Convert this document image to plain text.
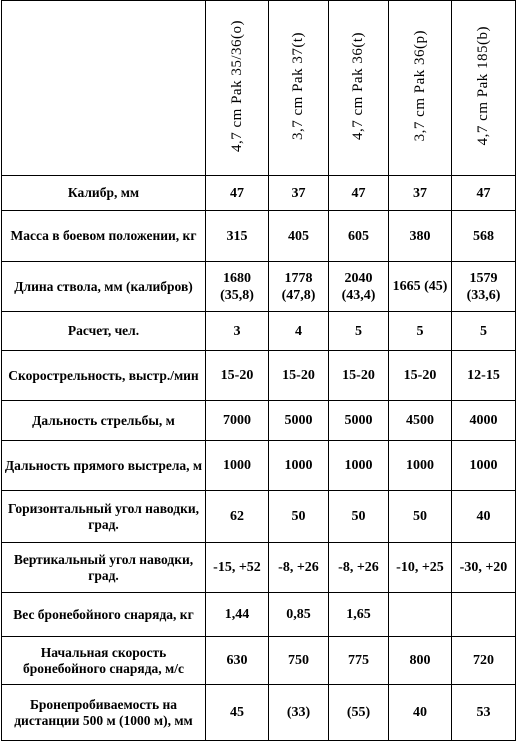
	4,7 cm Pak 35/36(o)	3,7 cm Pak 37(t)	4,7 cm Pak 36(t)	3,7 cm Pak 36(p)	4,7 cm Pak 185(b)
Калибр, мм	47	37	47	37	47
Масса в боевом положении, кг	315	405	605	380	568
Длина ствола, мм (калибров)	1680 (35,8)	1778 (47,8)	2040 (43,4)	1665 (45)	1579 (33,6)
Расчет, чел.	3	4	5	5	5
Скорострельность, выстр./мин	15-20	15-20	15-20	15-20	12-15
Дальность стрельбы, м	7000	5000	5000	4500	4000
Дальность прямого выстрела, м	1000	1000	1000	1000	1000
Горизонтальный угол наводки, град.	62	50	50	50	40
Вертикальный угол наводки, град.	-15, +52	-8, +26	-8, +26	-10, +25	-30, +20
Вес бронебойного снаряда, кг	1,44	0,85	1,65		
Начальная скорость бронебойного снаряда, м/с	630	750	775	800	720
Бронепробиваемость на дистанции 500 м (1000 м), мм	45	(33)	(55)	40	53
